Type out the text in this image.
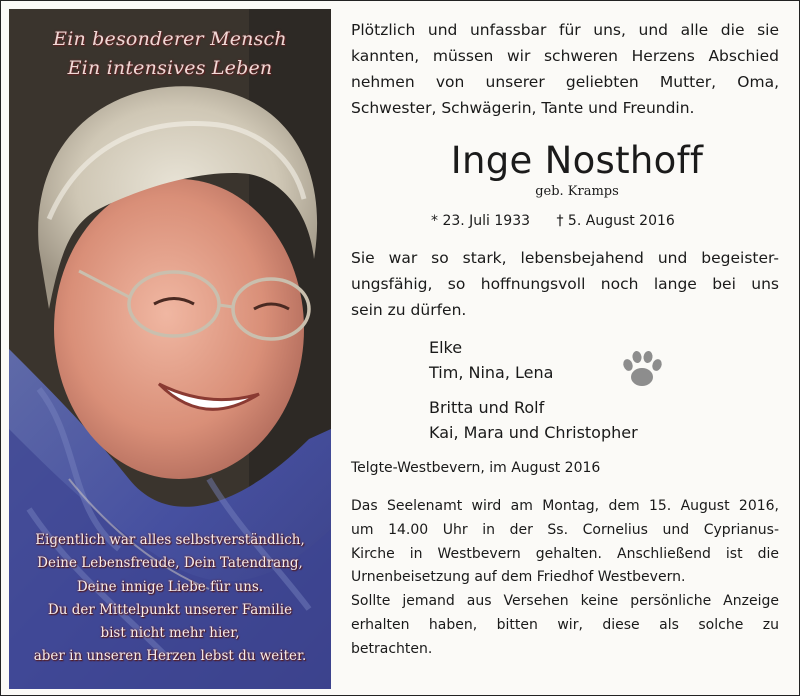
Ein besonderer Mensch
Ein intensives Leben
Eigentlich war alles selbstverständlich,
Deine Lebensfreude, Dein Tatendrang,
Deine innige Liebe für uns.
Du der Mittelpunkt unserer Familie
bist nicht mehr hier,
aber in unseren Herzen lebst du weiter.
Plötzlich und unfassbar für uns, und alle die sie
kannten, müssen wir schweren Herzens Abschied
nehmen von unserer geliebten Mutter, Oma,
Schwester, Schwägerin, Tante und Freundin.
Inge Nosthoff
geb. Kramps
* 23. Juli 1933 † 5. August 2016
Sie war so stark, lebensbejahend und begeister-
ungsfähig, so hoffnungsvoll noch lange bei uns
sein zu dürfen.
Elke
Tim, Nina, Lena
Britta und Rolf
Kai, Mara und Christopher
Telgte-Westbevern, im August 2016
Das Seelenamt wird am Montag, dem 15. August 2016,
um 14.00 Uhr in der Ss. Cornelius und Cyprianus-
Kirche in Westbevern gehalten. Anschließend ist die
Urnenbeisetzung auf dem Friedhof Westbevern.
Sollte jemand aus Versehen keine persönliche Anzeige
erhalten haben, bitten wir, diese als solche zu
betrachten.
